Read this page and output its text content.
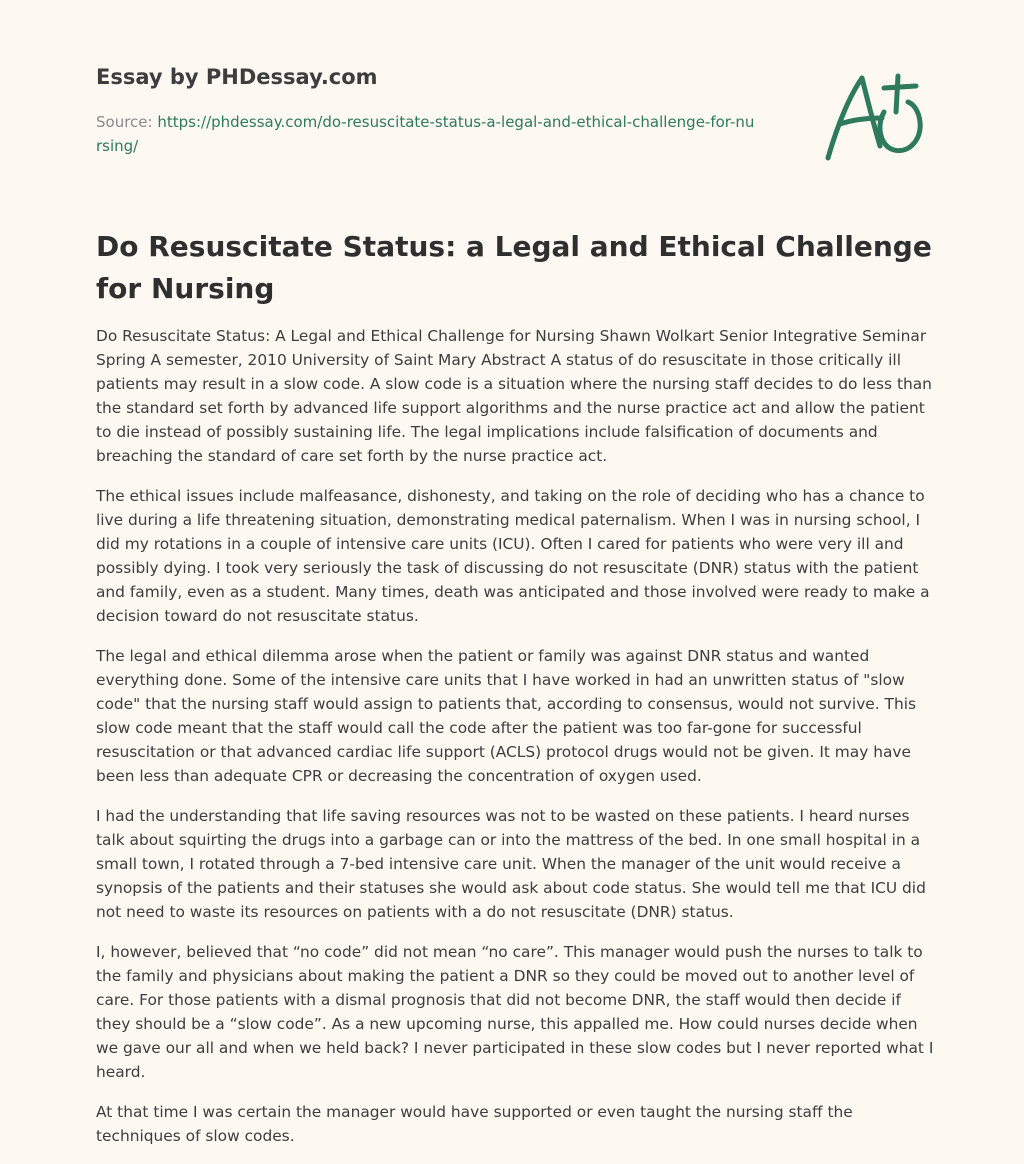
Essay by PHDessay.com
Source: https://phdessay.com/do-resuscitate-status-a-legal-and-ethical-challenge-for-nursing/
Do Resuscitate Status: a Legal and Ethical Challenge for Nursing

Do Resuscitate Status: A Legal and Ethical Challenge for Nursing Shawn Wolkart Senior Integrative Seminar Spring A semester, 2010 University of Saint Mary Abstract A status of do resuscitate in those critically ill patients may result in a slow code. A slow code is a situation where the nursing staff decides to do less than the standard set forth by advanced life support algorithms and the nurse practice act and allow the patient to die instead of possibly sustaining life. The legal implications include falsification of documents and breaching the standard of care set forth by the nurse practice act.

The ethical issues include malfeasance, dishonesty, and taking on the role of deciding who has a chance to live during a life threatening situation, demonstrating medical paternalism. When I was in nursing school, I did my rotations in a couple of intensive care units (ICU). Often I cared for patients who were very ill and possibly dying. I took very seriously the task of discussing do not resuscitate (DNR) status with the patient and family, even as a student. Many times, death was anticipated and those involved were ready to make a decision toward do not resuscitate status.

The legal and ethical dilemma arose when the patient or family was against DNR status and wanted everything done. Some of the intensive care units that I have worked in had an unwritten status of "slow code" that the nursing staff would assign to patients that, according to consensus, would not survive. This slow code meant that the staff would call the code after the patient was too far-gone for successful resuscitation or that advanced cardiac life support (ACLS) protocol drugs would not be given. It may have been less than adequate CPR or decreasing the concentration of oxygen used.

I had the understanding that life saving resources was not to be wasted on these patients. I heard nurses talk about squirting the drugs into a garbage can or into the mattress of the bed. In one small hospital in a small town, I rotated through a 7-bed intensive care unit. When the manager of the unit would receive a synopsis of the patients and their statuses she would ask about code status. She would tell me that ICU did not need to waste its resources on patients with a do not resuscitate (DNR) status.

I, however, believed that “no code” did not mean “no care”. This manager would push the nurses to talk to the family and physicians about making the patient a DNR so they could be moved out to another level of care. For those patients with a dismal prognosis that did not become DNR, the staff would then decide if they should be a “slow code”. As a new upcoming nurse, this appalled me. How could nurses decide when we gave our all and when we held back? I never participated in these slow codes but I never reported what I heard.

At that time I was certain the manager would have supported or even taught the nursing staff the techniques of slow codes.
